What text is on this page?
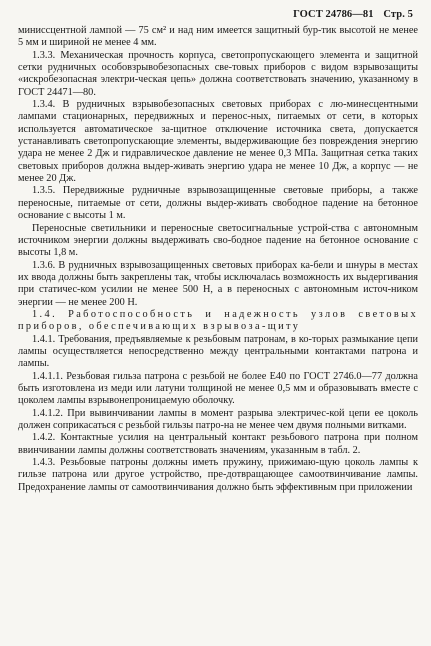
ГОСТ 24786—81 Стр. 5

миниссцентной лампой — 75 см² и над ним имеется защитный бур-тик высотой не менее 5 мм и шириной не менее 4 мм.

1.3.3. Механическая прочность корпуса, светопропускающего элемента и защитной сетки рудничных особовзрывобезопасных све-товых приборов с видом взрывозащиты «искробезопасная электри-ческая цепь» должна соответствовать значению, указанному в ГОСТ 24471—80.

1.3.4. В рудничных взрывобезопасных световых приборах с лю-минесцентными лампами стационарных, передвижных и перенос-ных, питаемых от сети, в которых используется автоматическое за-щитное отключение источника света, допускается устанавливать светопропускающие элементы, выдерживающие без повреждения энергию удара не менее 2 Дж и гидравлическое давление не менее 0,3 МПа. Защитная сетка таких световых приборов должна выдер-живать энергию удара не менее 10 Дж, а корпус — не менее 20 Дж.

1.3.5. Передвижные рудничные взрывозащищенные световые приборы, а также переносные, питаемые от сети, должны выдер-живать свободное падение на бетонное основание с высоты 1 м.

Переносные светильники и переносные светосигнальные устрой-ства с автономным источником энергии должны выдерживать сво-бодное падение на бетонное основание с высоты 1,8 м.

1.3.6. В рудничных взрывозащищенных световых приборах ка-бели и шнуры в местах их ввода должны быть закреплены так, чтобы исключалась возможность их выдергивания при статичес-ком усилии не менее 500 Н, а в переносных с автономным источ-ником энергии — не менее 200 Н.

1.4. Работоспособность и надежность узлов световых приборов, обеспечивающих взрывоза-щиту

1.4.1. Требования, предъявляемые к резьбовым патронам, в ко-торых размыкание цепи лампы осуществляется непосредственно между центральными контактами патрона и лампы.

1.4.1.1. Резьбовая гильза патрона с резьбой не более Е40 по ГОСТ 2746.0—77 должна быть изготовлена из меди или латуни толщиной не менее 0,5 мм и образовывать вместе с цоколем лампы взрывонепроницаемую оболочку.

1.4.1.2. При вывинчивании лампы в момент разрыва электричес-кой цепи ее цоколь должен соприкасаться с резьбой гильзы патро-на не менее чем двумя полными витками.

1.4.2. Контактные усилия на центральный контакт резьбового патрона при полном ввинчивании лампы должны соответствовать значениям, указанным в табл. 2.

1.4.3. Резьбовые патроны должны иметь пружину, прижимаю-щую цоколь лампы к гильзе патрона или другое устройство, пре-дотвращающее самоотвинчивание лампы. Предохранение лампы от самоотвинчивания должно быть эффективным при приложении
